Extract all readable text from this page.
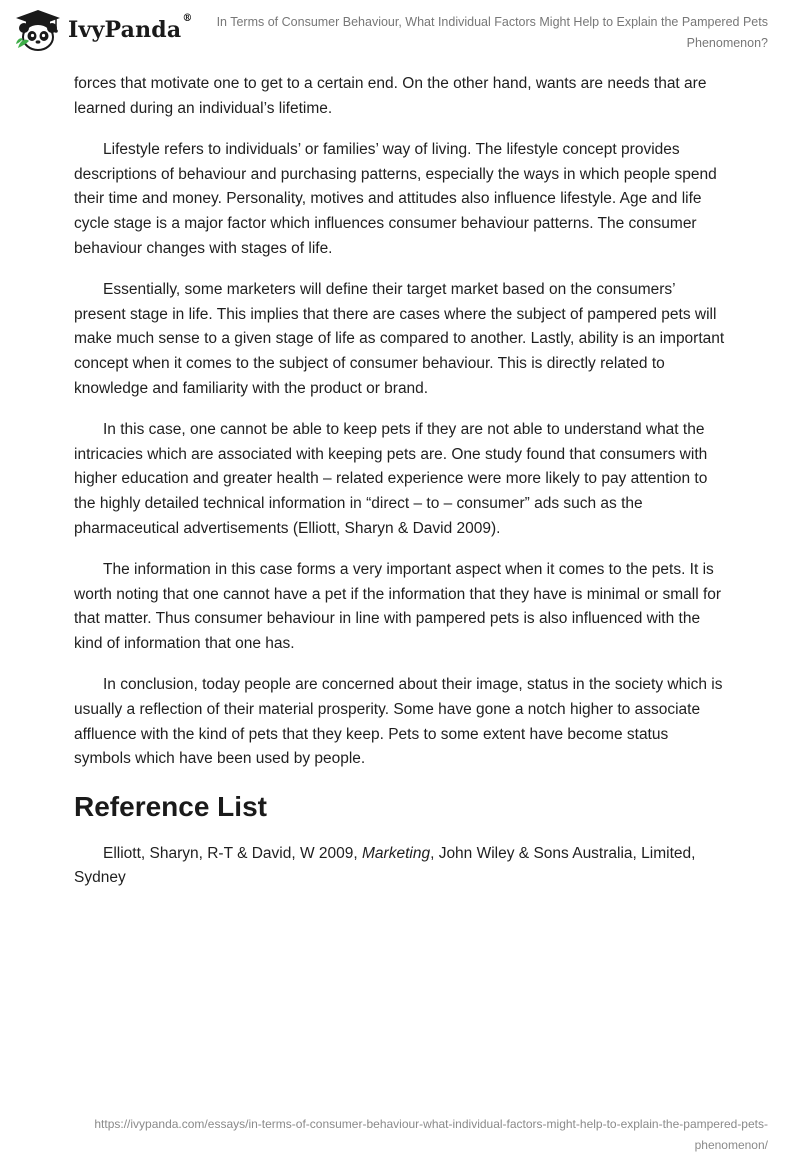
IvyPanda®	In Terms of Consumer Behaviour, What Individual Factors Might Help to Explain the Pampered Pets Phenomenon?

forces that motivate one to get to a certain end. On the other hand, wants are needs that are learned during an individual’s lifetime.

Lifestyle refers to individuals’ or families’ way of living. The lifestyle concept provides descriptions of behaviour and purchasing patterns, especially the ways in which people spend their time and money. Personality, motives and attitudes also influence lifestyle. Age and life cycle stage is a major factor which influences consumer behaviour patterns. The consumer behaviour changes with stages of life.

Essentially, some marketers will define their target market based on the consumers’ present stage in life. This implies that there are cases where the subject of pampered pets will make much sense to a given stage of life as compared to another. Lastly, ability is an important concept when it comes to the subject of consumer behaviour. This is directly related to knowledge and familiarity with the product or brand.

In this case, one cannot be able to keep pets if they are not able to understand what the intricacies which are associated with keeping pets are. One study found that consumers with higher education and greater health – related experience were more likely to pay attention to the highly detailed technical information in “direct – to – consumer” ads such as the pharmaceutical advertisements (Elliott, Sharyn & David 2009).

The information in this case forms a very important aspect when it comes to the pets. It is worth noting that one cannot have a pet if the information that they have is minimal or small for that matter. Thus consumer behaviour in line with pampered pets is also influenced with the kind of information that one has.

In conclusion, today people are concerned about their image, status in the society which is usually a reflection of their material prosperity. Some have gone a notch higher to associate affluence with the kind of pets that they keep. Pets to some extent have become status symbols which have been used by people.

Reference List

Elliott, Sharyn, R-T & David, W 2009, Marketing, John Wiley & Sons Australia, Limited, Sydney

https://ivypanda.com/essays/in-terms-of-consumer-behaviour-what-individual-factors-might-help-to-explain-the-pampered-pets-phenomenon/
